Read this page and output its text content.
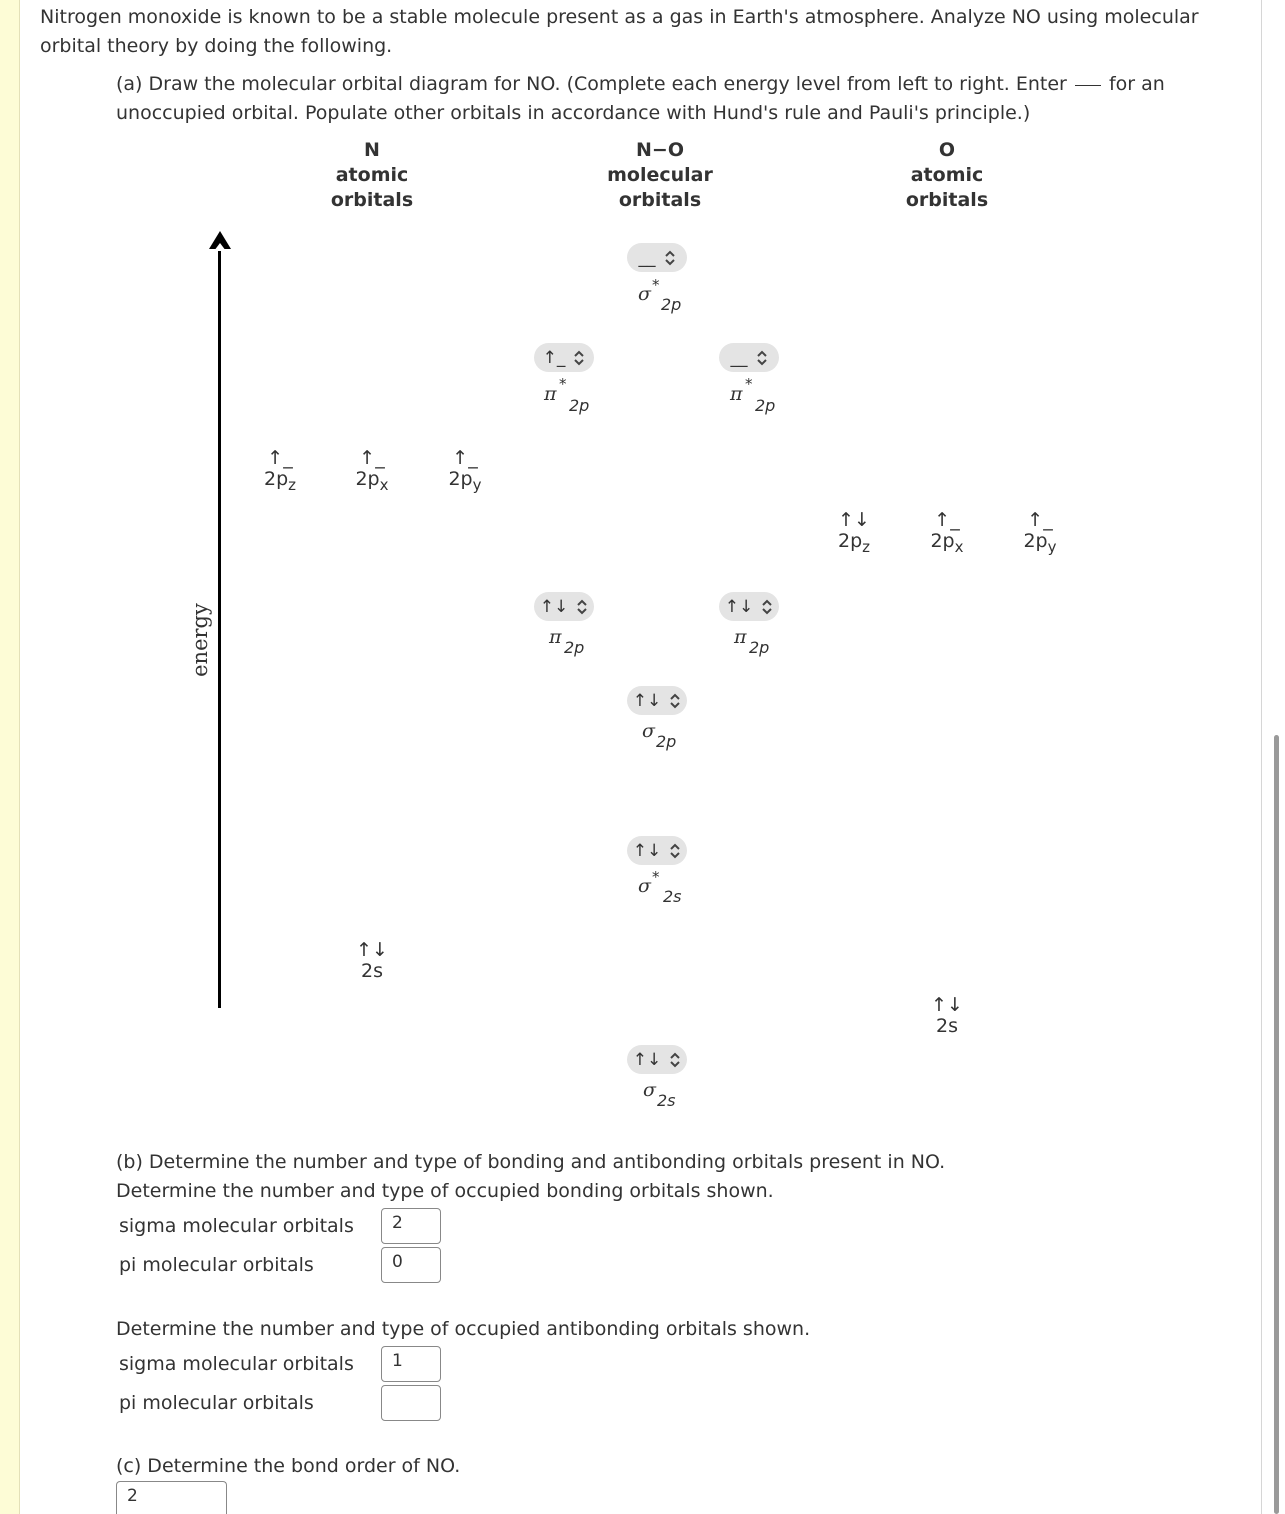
Nitrogen monoxide is known to be a stable molecule present as a gas in Earth's atmosphere. Analyze NO using molecular orbital theory by doing the following.
(a) Draw the molecular orbital diagram for NO. (Complete each energy level from left to right. Enter for an unoccupied orbital. Populate other orbitals in accordance with Hund's rule and Pauli's principle.)
N
atomic
orbitals
N−O
molecular
orbitals
O
atomic
orbitals
energy
↑_
$2p_z$
↑_
$2p_x$
↑_
$2p_y$
↑↓
2s
↑↓
$2p_z$
↑_
$2p_x$
↑_
$2p_y$
↑↓
2s
__
σ *
2p
↑_
π *
2p
__
π *
2p
↑↓
π 2p
↑↓
π 2p
↑↓
σ 2p
↑↓
σ *
2s
↑↓
σ 2s
(b) Determine the number and type of bonding and antibonding orbitals present in NO.
Determine the number and type of occupied bonding orbitals shown.
sigma molecular orbitals	2
pi molecular orbitals	0
Determine the number and type of occupied antibonding orbitals shown.
sigma molecular orbitals	1
pi molecular orbitals
(c) Determine the bond order of NO.
2
